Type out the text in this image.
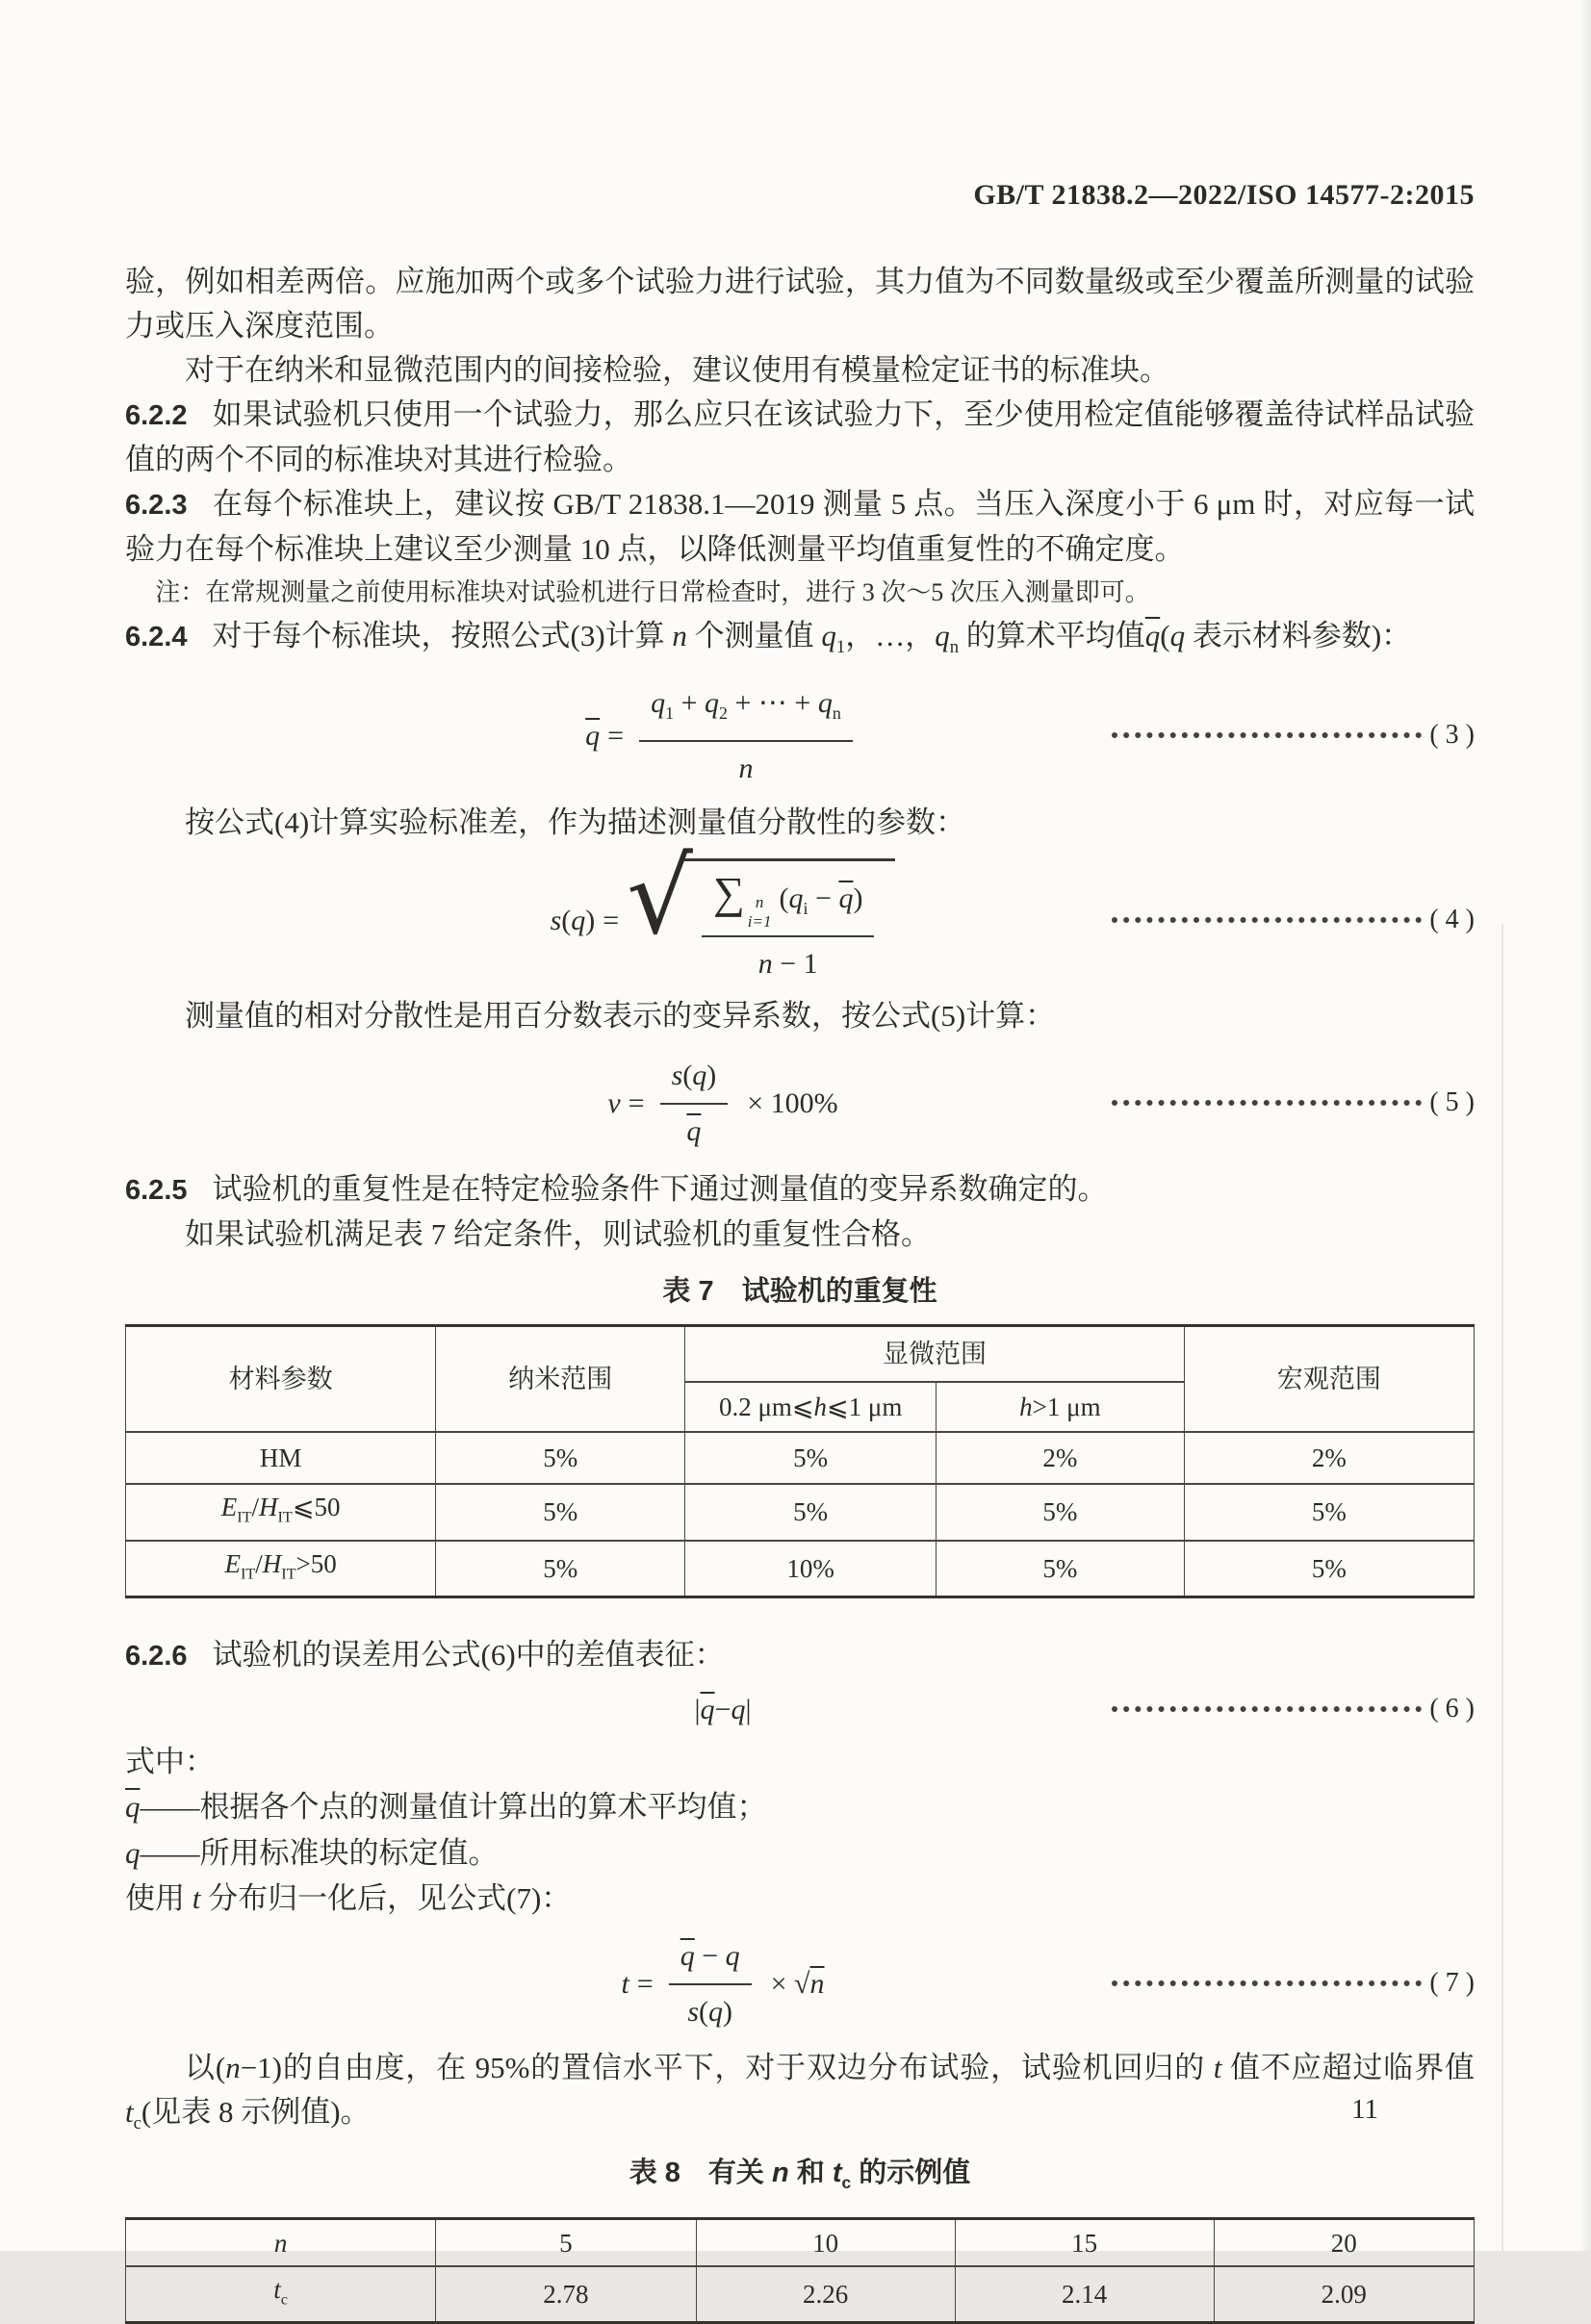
GB/T 21838.2—2022/ISO 14577-2:2015

验，例如相差两倍。应施加两个或多个试验力进行试验，其力值为不同数量级或至少覆盖所测量的试验力或压入深度范围。

对于在纳米和显微范围内的间接检验，建议使用有模量检定证书的标准块。

6.2.2 如果试验机只使用一个试验力，那么应只在该试验力下，至少使用检定值能够覆盖待试样品试验值的两个不同的标准块对其进行检验。

6.2.3 在每个标准块上，建议按 GB/T 21838.1—2019 测量 5 点。当压入深度小于 6 μm 时，对应每一试验力在每个标准块上建议至少测量 10 点，以降低测量平均值重复性的不确定度。

注：在常规测量之前使用标准块对试验机进行日常检查时，进行 3 次～5 次压入测量即可。

6.2.4 对于每个标准块，按照公式(3)计算 n 个测量值 $q_1$，…，$q_n$ 的算术平均值$\overline{q}(q$ 表示材料参数)：

$\overline{q} = \frac{q_1 + q_2 + \cdots + q_n}{n}$	( 3 )

按公式(4)计算实验标准差，作为描述测量值分散性的参数：

s(q) = √ ∑ n
i=1
$(q_i - \overline{q})$
n − 1	( 4 )

测量值的相对分散性是用百分数表示的变异系数，按公式(5)计算：

$v = \frac{s(q)}{q} \times 100\%$	( 5 )

6.2.5 试验机的重复性是在特定检验条件下通过测量值的变异系数确定的。

如果试验机满足表 7 给定条件，则试验机的重复性合格。

表 7　试验机的重复性
材料参数	纳米范围	显微范围		宏观范围
		0.2 μm⩽h⩽1 μm	h>1 μm	
HM	5%	5%	2%	2%
$E_{IT}/H_{IT}⩽50$	5%	5%	5%	5%
$E_{IT}/H_{IT}>50$	5%	10%	5%	5%

6.2.6 试验机的误差用公式(6)中的差值表征：

| $\overline{q} - q$ |	( 6 )

式中：

$\overline{q}——$根据各个点的测量值计算出的算术平均值；

q——所用标准块的标定值。

使用 t 分布归一化后，见公式(7)：

$t = \frac{\overline{q} - q}{s(q)} \times √n$	( 7 )

以(n−1)的自由度，在 95%的置信水平下，对于双边分布试验，试验机回归的 t 值不应超过临界值 $t_c$(见表 8 示例值)。

表 8　有关 n 和 $t_c$ 的示例值
n	5	10	15	20
$t_c$	2.78	2.26	2.14	2.09
11
